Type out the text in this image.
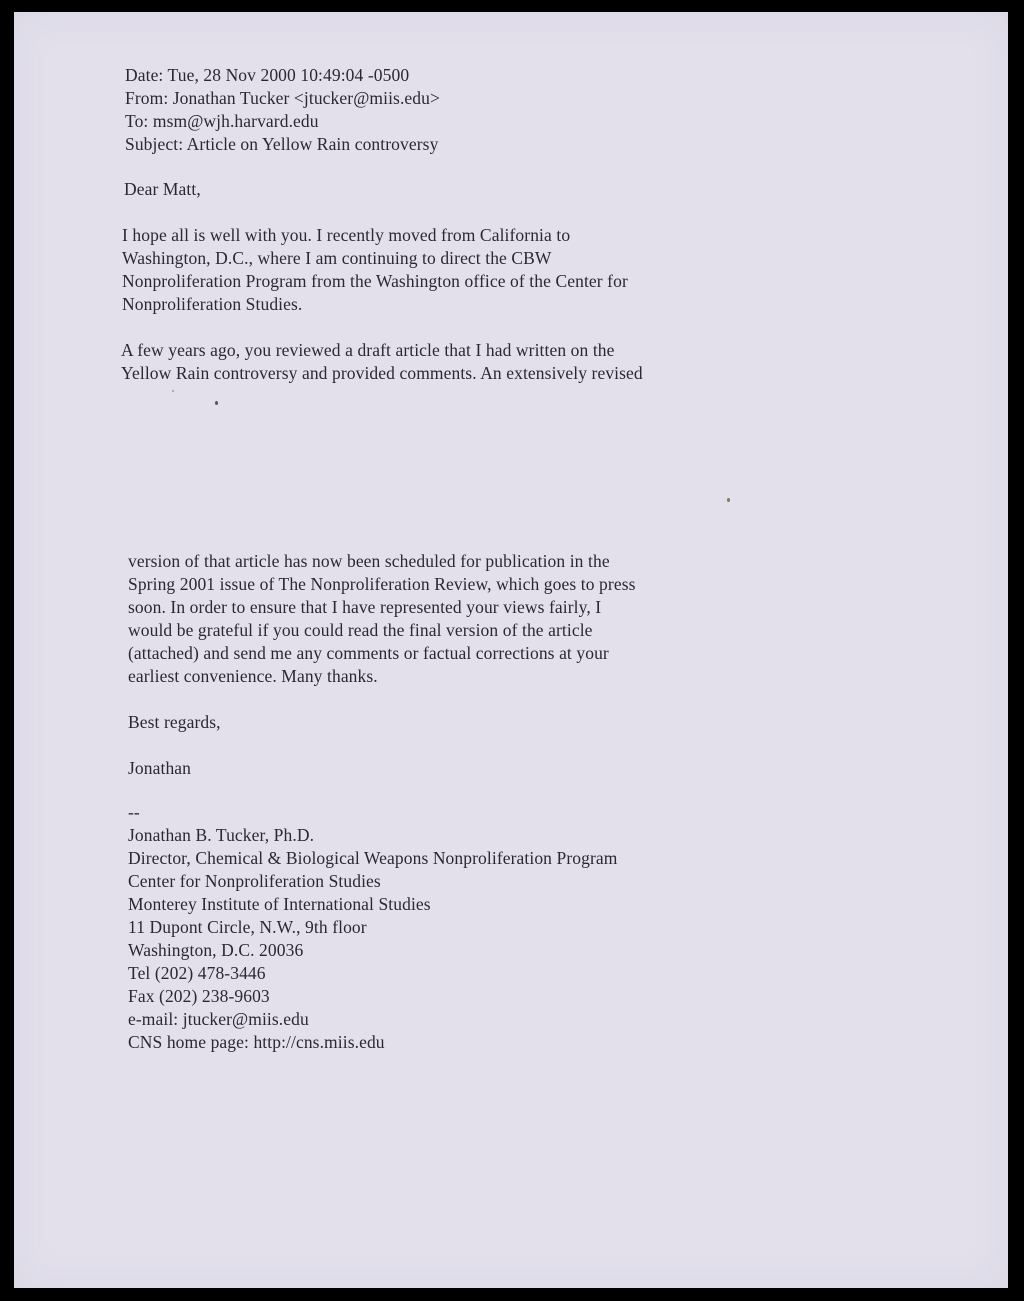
Date: Tue, 28 Nov 2000 10:49:04 -0500
From: Jonathan Tucker <jtucker@miis.edu>
To: msm@wjh.harvard.edu
Subject: Article on Yellow Rain controversy
Dear Matt,
I hope all is well with you. I recently moved from California to
Washington, D.C., where I am continuing to direct the CBW
Nonproliferation Program from the Washington office of the Center for
Nonproliferation Studies.
A few years ago, you reviewed a draft article that I had written on the
Yellow Rain controversy and provided comments. An extensively revised
version of that article has now been scheduled for publication in the
Spring 2001 issue of The Nonproliferation Review, which goes to press
soon. In order to ensure that I have represented your views fairly, I
would be grateful if you could read the final version of the article
(attached) and send me any comments or factual corrections at your
earliest convenience. Many thanks.
Best regards,
Jonathan
--
Jonathan B. Tucker, Ph.D.
Director, Chemical & Biological Weapons Nonproliferation Program
Center for Nonproliferation Studies
Monterey Institute of International Studies
11 Dupont Circle, N.W., 9th floor
Washington, D.C. 20036
Tel (202) 478-3446
Fax (202) 238-9603
e-mail: jtucker@miis.edu
CNS home page: http://cns.miis.edu
